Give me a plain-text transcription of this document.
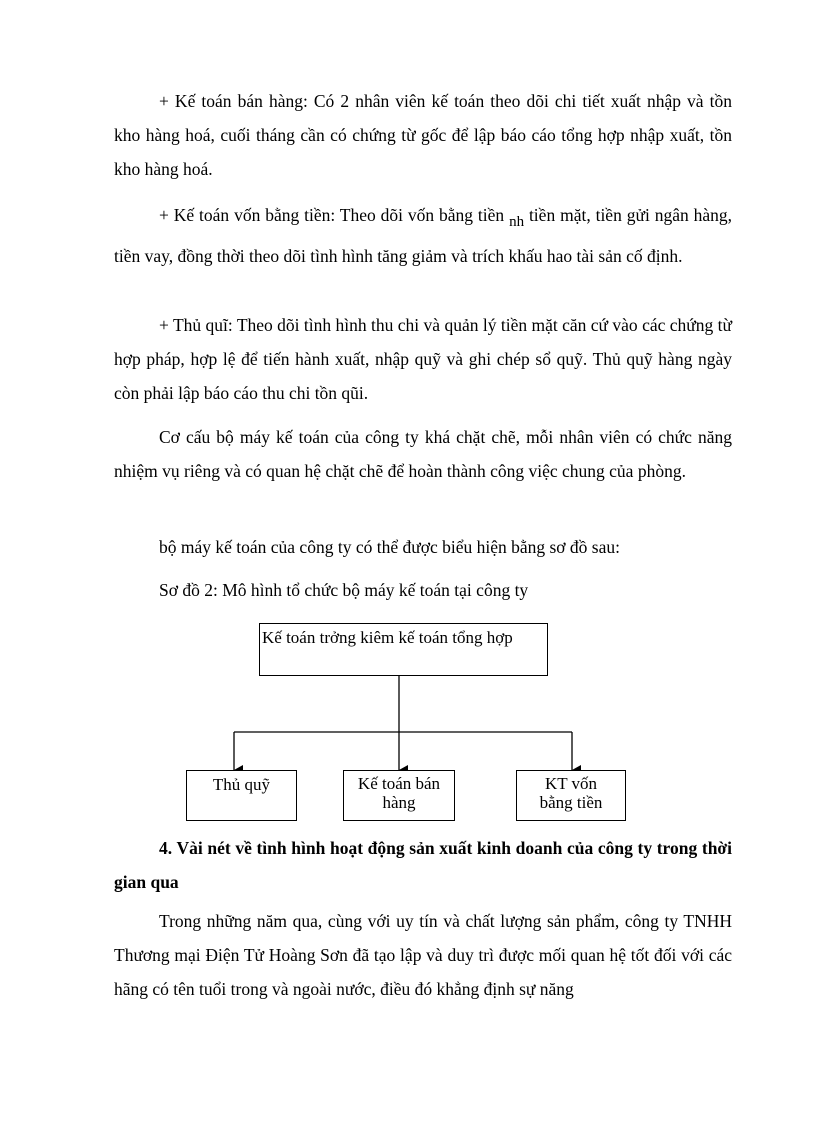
+ Kế toán bán hàng: Có 2 nhân viên kế toán theo dõi chi tiết xuất nhập và tồn kho hàng hoá, cuối tháng cần có chứng từ gốc để lập báo cáo tổng hợp nhập xuất, tồn kho hàng hoá.

+ Kế toán vốn bằng tiền: Theo dõi vốn bằng tiền nh tiền mặt, tiền gửi ngân hàng, tiền vay, đồng thời theo dõi tình hình tăng giảm và trích khấu hao tài sản cố định.

+ Thủ quĩ: Theo dõi tình hình thu chi và quản lý tiền mặt căn cứ vào các chứng từ hợp pháp, hợp lệ để tiến hành xuất, nhập quỹ và ghi chép sổ quỹ. Thủ quỹ hàng ngày còn phải lập báo cáo thu chi tồn qũi.

Cơ cấu bộ máy kế toán của công ty khá chặt chẽ, mỗi nhân viên có chức năng nhiệm vụ riêng và có quan hệ chặt chẽ để hoàn thành công việc chung của phòng.

bộ máy kế toán của công ty có thể được biểu hiện bằng sơ đồ sau:

Sơ đồ 2: Mô hình tổ chức bộ máy kế toán tại công ty

Kế toán trởng kiêm kế toán tổng hợp
Thủ quỹ	Kế toán bán
hàng
KT vốn
bằng tiền

4. Vài nét về tình hình hoạt động sản xuất kinh doanh của công ty trong thời gian qua

Trong những năm qua, cùng với uy tín và chất lượng sản phẩm, công ty TNHH Thương mại Điện Tử Hoàng Sơn đã tạo lập và duy trì được mối quan hệ tốt đối với các hãng có tên tuổi trong và ngoài nước, điều đó khẳng định sự năng
